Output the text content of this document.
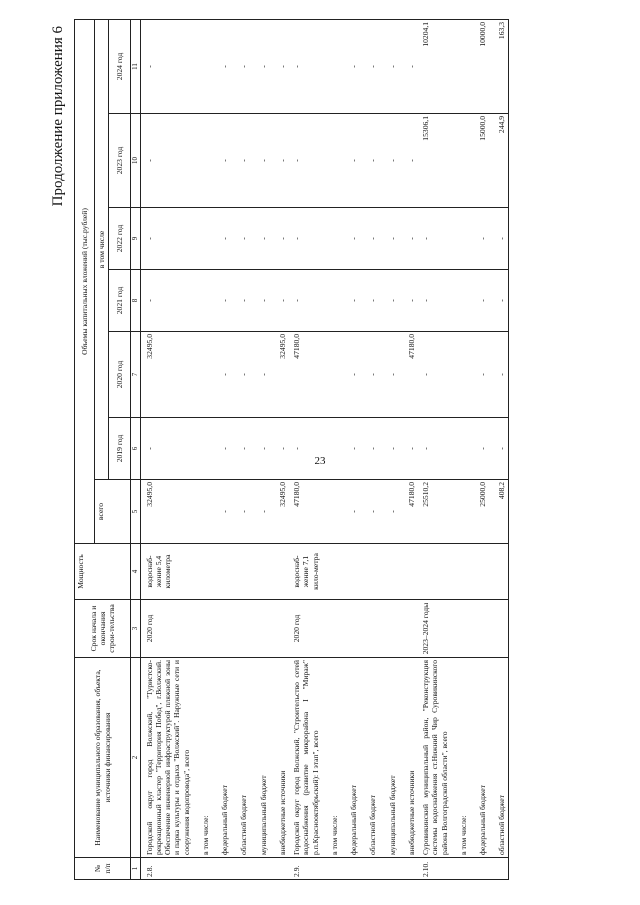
23
Продолжение приложения 6
№
п/п	Наименование муниципального образования, объекта, источники финансирования	Срок начала и окончания строи-тельства	Мощность	Объемы капитальных вложений (тыс.рублей)						
				всего	в том числе					
					2019 год	2020 год	2021 год	2022 год	2023 год	2024 год
1	2	3	4	5	6	7	8	9	10	11
2.8.	Городской округ город Волжский, "Туристско-рекреационный кластер "Территория Побед", г.Волжский. Обеспечение инженерной инфраструктурой пляжной зоны и парка культуры и отдыха "Волжский". Наружные сети и сооружения водопровода", всего	2020 год	водоснаб-жение 5,4 километра	32495,0	-	32495,0	-	-	-	-
	в том числе:									
	федеральный бюджет			-	-	-	-	-	-	-
	областной бюджет			-	-	-	-	-	-	-
	муниципальный бюджет			-	-	-	-	-	-	-
	внебюджетные источники			32495,0	-	32495,0	-	-	-	-
2.9.	Городской округ город Волжский, "Строительство сетей водоснабжения (развитие микрорайона I "Мираж" р.п.Краснооктябрьский): I этап", всего	2020 год	водоснаб-жение 7,1 кило-метра	47180,0	-	47180,0	-	-	-	-
	в том числе:									
	федеральный бюджет			-	-	-	-	-	-	-
	областной бюджет			-	-	-	-	-	-	-
	муниципальный бюджет			-	-	-	-	-	-	-
	внебюджетные источники			47180,0	-	47180,0	-	-	-	-
2.10.	Суровикинский муниципальный район, "Реконструкция системы водоснабжения ст.Нижний Чир Суровикинского района Волгоградской области", всего	2023–2024 годы		25510,2	-	-	-	-	15306,1	10204,1
	в том числе:									
	федеральный бюджет			25000,0	-	-	-	-	15000,0	10000,0
	областной бюджет			408,2	-	-	-	-	244,9	163,3
